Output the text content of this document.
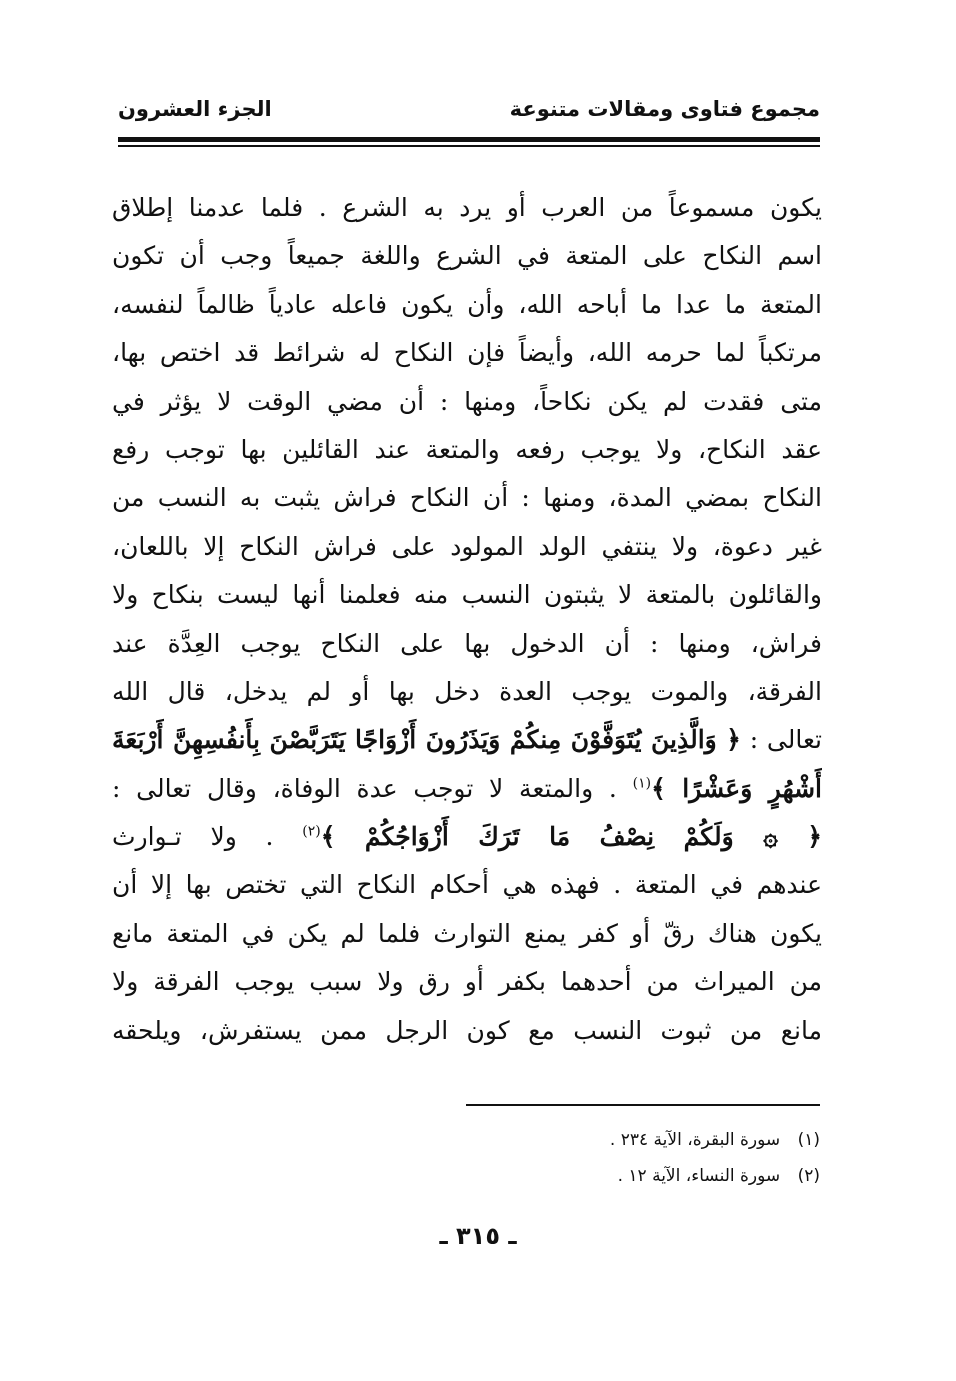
مجموع فتاوى ومقالات متنوعة
الجزء العشرون
يكون مسموعاً من العرب أو يرد به الشرع . فلما عدمنا إطلاق
اسم النكاح على المتعة في الشرع واللغة جميعاً وجب أن تكون
المتعة ما عدا ما أباحه الله، وأن يكون فاعله عادياً ظالماً لنفسه،
مرتكباً لما حرمه الله، وأيضاً فإن النكاح له شرائط قد اختص بها،
متى فقدت لم يكن نكاحاً، ومنها : أن مضي الوقت لا يؤثر في
عقد النكاح، ولا يوجب رفعه والمتعة عند القائلين بها توجب رفع
النكاح بمضي المدة، ومنها : أن النكاح فراش يثبت به النسب من
غير دعوة، ولا ينتفي الولد المولود على فراش النكاح إلا باللعان،
والقائلون بالمتعة لا يثبتون النسب منه فعلمنا أنها ليست بنكاح ولا
فراش، ومنها : أن الدخول بها على النكاح يوجب العِدَّة عند
الفرقة، والموت يوجب العدة دخل بها أو لم يدخل، قال الله
تعالى : ﴿ وَالَّذِينَ يُتَوَفَّوْنَ مِنكُمْ وَيَذَرُونَ أَزْوَاجًا يَتَرَبَّصْنَ بِأَنفُسِهِنَّ أَرْبَعَةَ
أَشْهُرٍ وَعَشْرًا ﴾$^{(١)}$ . والمتعة لا توجب عدة الوفاة، وقال تعالى :
﴿ ۞ وَلَكُمْ نِصْفُ مَا تَرَكَ أَزْوَاجُكُمْ ﴾$^{(٢)}$ . ولا تـوارث
عندهم في المتعة . فهذه هي أحكام النكاح التي تختص بها إلا أن
يكون هناك رقّ أو كفر يمنع التوارث فلما لم يكن في المتعة مانع
من الميراث من أحدهما بكفر أو رق ولا سبب يوجب الفرقة ولا
مانع من ثبوت النسب مع كون الرجل ممن يستفرش، ويلحقه
(١) سورة البقرة، الآية ٢٣٤ .
(٢) سورة النساء، الآية ١٢ .
ـ ٣١٥ ـ
